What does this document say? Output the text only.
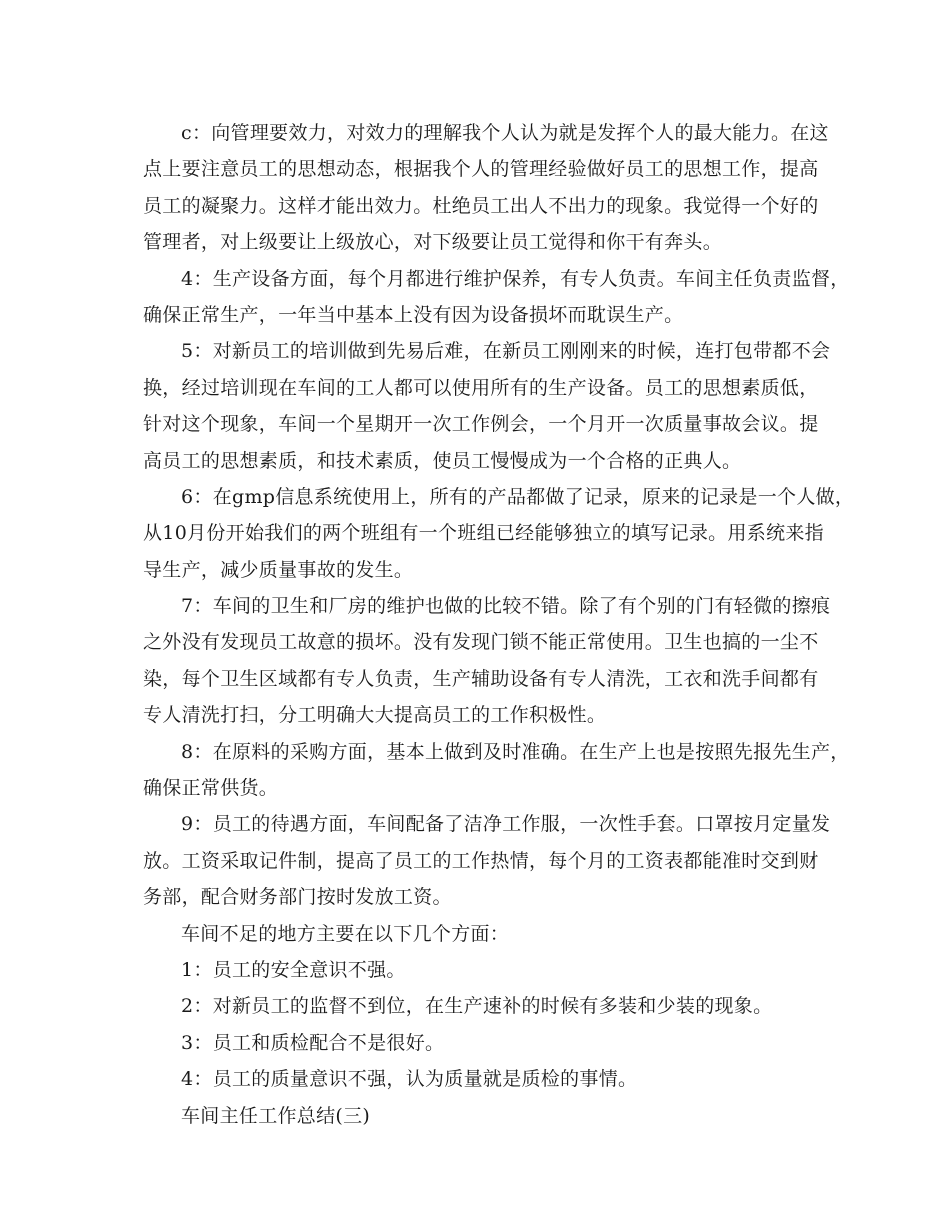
c：向管理要效力，对效力的理解我个人认为就是发挥个人的最大能力。在这
点上要注意员工的思想动态，根据我个人的管理经验做好员工的思想工作，提高
员工的凝聚力。这样才能出效力。杜绝员工出人不出力的现象。我觉得一个好的
管理者，对上级要让上级放心，对下级要让员工觉得和你干有奔头。
4：生产设备方面，每个月都进行维护保养，有专人负责。车间主任负责监督，
确保正常生产，一年当中基本上没有因为设备损坏而耽误生产。
5：对新员工的培训做到先易后难，在新员工刚刚来的时候，连打包带都不会
换，经过培训现在车间的工人都可以使用所有的生产设备。员工的思想素质低，
针对这个现象，车间一个星期开一次工作例会，一个月开一次质量事故会议。提
高员工的思想素质，和技术素质，使员工慢慢成为一个合格的正典人。
6：在gmp信息系统使用上，所有的产品都做了记录，原来的记录是一个人做，
从10月份开始我们的两个班组有一个班组已经能够独立的填写记录。用系统来指
导生产，减少质量事故的发生。
7：车间的卫生和厂房的维护也做的比较不错。除了有个别的门有轻微的擦痕
之外没有发现员工故意的损坏。没有发现门锁不能正常使用。卫生也搞的一尘不
染，每个卫生区域都有专人负责，生产辅助设备有专人清洗，工衣和洗手间都有
专人清洗打扫，分工明确大大提高员工的工作积极性。
8：在原料的采购方面，基本上做到及时准确。在生产上也是按照先报先生产，
确保正常供货。
9：员工的待遇方面，车间配备了洁净工作服，一次性手套。口罩按月定量发
放。工资采取记件制，提高了员工的工作热情，每个月的工资表都能准时交到财
务部，配合财务部门按时发放工资。
车间不足的地方主要在以下几个方面：
1：员工的安全意识不强。
2：对新员工的监督不到位，在生产速补的时候有多装和少装的现象。
3：员工和质检配合不是很好。
4：员工的质量意识不强，认为质量就是质检的事情。
车间主任工作总结(三)
